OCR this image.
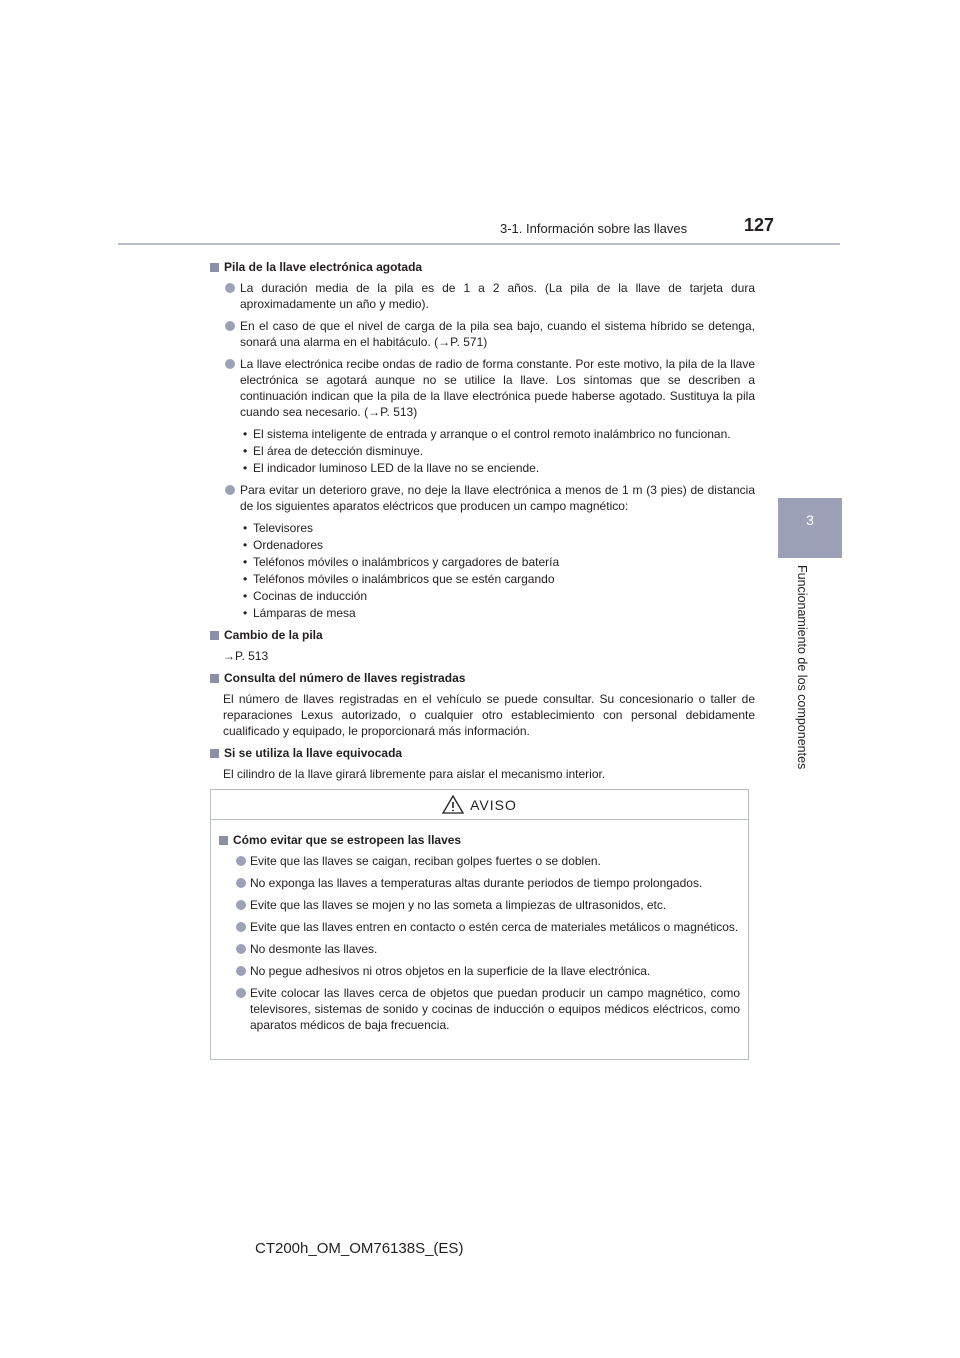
3-1. Información sobre las llaves	127
3
Funcionamiento de los componentes
Pila de la llave electrónica agotada
La duración media de la pila es de 1 a 2 años. (La pila de la llave de tarjeta dura aproximadamente un año y medio).
En el caso de que el nivel de carga de la pila sea bajo, cuando el sistema híbrido se detenga, sonará una alarma en el habitáculo. (→P. 571)
La llave electrónica recibe ondas de radio de forma constante. Por este motivo, la pila de la llave electrónica se agotará aunque no se utilice la llave. Los síntomas que se describen a continuación indican que la pila de la llave electrónica puede haberse agotado. Sustituya la pila cuando sea necesario. (→P. 513)
• El sistema inteligente de entrada y arranque o el control remoto inalámbrico no funcionan.
• El área de detección disminuye.
• El indicador luminoso LED de la llave no se enciende.
Para evitar un deterioro grave, no deje la llave electrónica a menos de 1 m (3 pies) de distancia de los siguientes aparatos eléctricos que producen un campo magnético:
• Televisores
• Ordenadores
• Teléfonos móviles o inalámbricos y cargadores de batería
• Teléfonos móviles o inalámbricos que se estén cargando
• Cocinas de inducción
• Lámparas de mesa
Cambio de la pila
→P. 513
Consulta del número de llaves registradas
El número de llaves registradas en el vehículo se puede consultar. Su concesionario o taller de reparaciones Lexus autorizado, o cualquier otro establecimiento con personal debidamente cualificado y equipado, le proporcionará más información.
Si se utiliza la llave equivocada
El cilindro de la llave girará libremente para aislar el mecanismo interior.
AVISO
Cómo evitar que se estropeen las llaves
Evite que las llaves se caigan, reciban golpes fuertes o se doblen.
No exponga las llaves a temperaturas altas durante periodos de tiempo prolongados.
Evite que las llaves se mojen y no las someta a limpiezas de ultrasonidos, etc.
Evite que las llaves entren en contacto o estén cerca de materiales metálicos o magnéticos.
No desmonte las llaves.
No pegue adhesivos ni otros objetos en la superficie de la llave electrónica.
Evite colocar las llaves cerca de objetos que puedan producir un campo magnético, como televisores, sistemas de sonido y cocinas de inducción o equipos médicos eléctricos, como aparatos médicos de baja frecuencia.
CT200h_OM_OM76138S_(ES)
